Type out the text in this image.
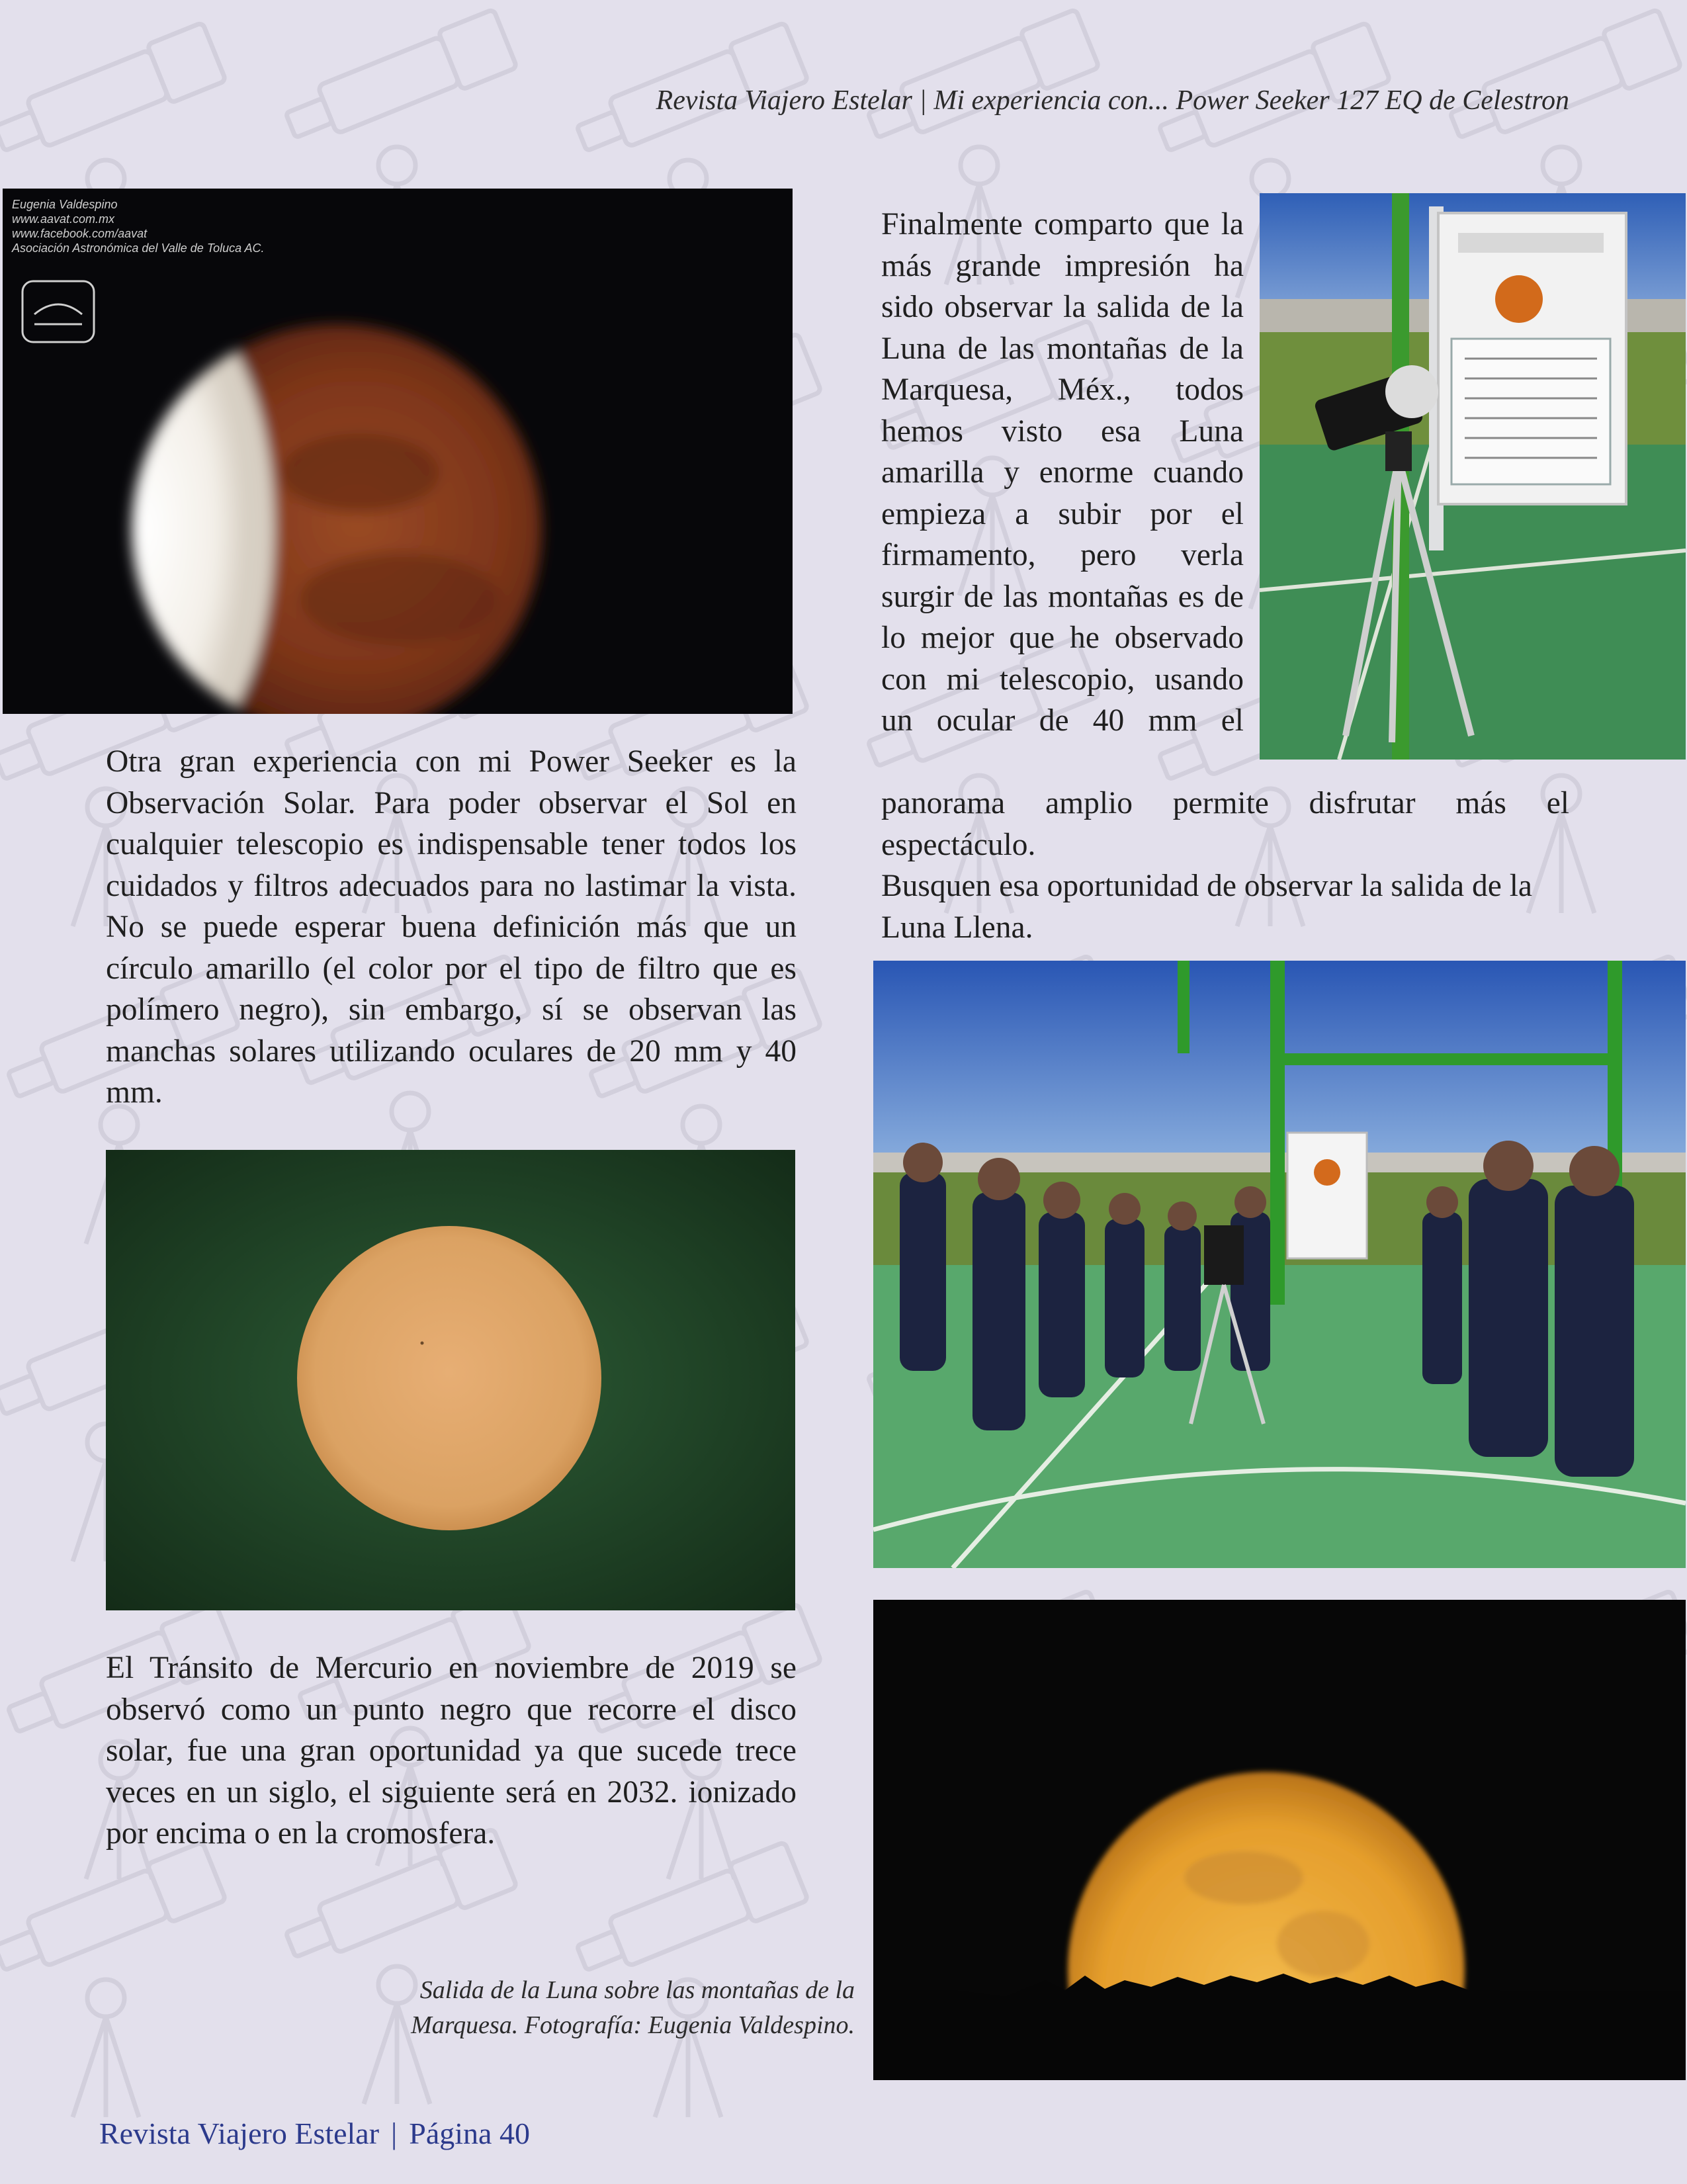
Revista Viajero Estelar | Mi experiencia con... Power Seeker 127 EQ de Celestron
Eugenia Valdespino
www.aavat.com.mx
www.facebook.com/aavat
Asociación Astronómica del Valle de Toluca AC.

Finalmente comparto que la más grande impresión ha sido observar la salida de la Luna de las montañas de la Marquesa, Méx., todos hemos visto esa Luna amarilla y enorme cuando empieza a subir por el firmamento, pero verla surgir de las montañas es de lo mejor que he observado con mi telescopio, usando un ocular de 40 mm el

panorama amplio permite disfrutar más el espectáculo.

Busquen esa oportunidad de observar la salida de la Luna Llena.

Otra gran experiencia con mi Power Seeker es la Observación Solar. Para poder observar el Sol en cualquier telescopio es indispensable tener todos los cuidados y filtros adecuados para no lastimar la vista. No se puede esperar buena definición más que un círculo amarillo (el color por el tipo de filtro que es polímero negro), sin embargo, sí se observan las manchas solares utilizando oculares de 20 mm y 40 mm.

El Tránsito de Mercurio en noviembre de 2019 se observó como un punto negro que recorre el disco solar, fue una gran oportunidad ya que sucede trece veces en un siglo, el siguiente será en 2032. ionizado por encima o en la cromosfera.

Salida de la Luna sobre las montañas de la
Marquesa. Fotografía: Eugenia Valdespino.
Revista Viajero Estelar | Página 40
